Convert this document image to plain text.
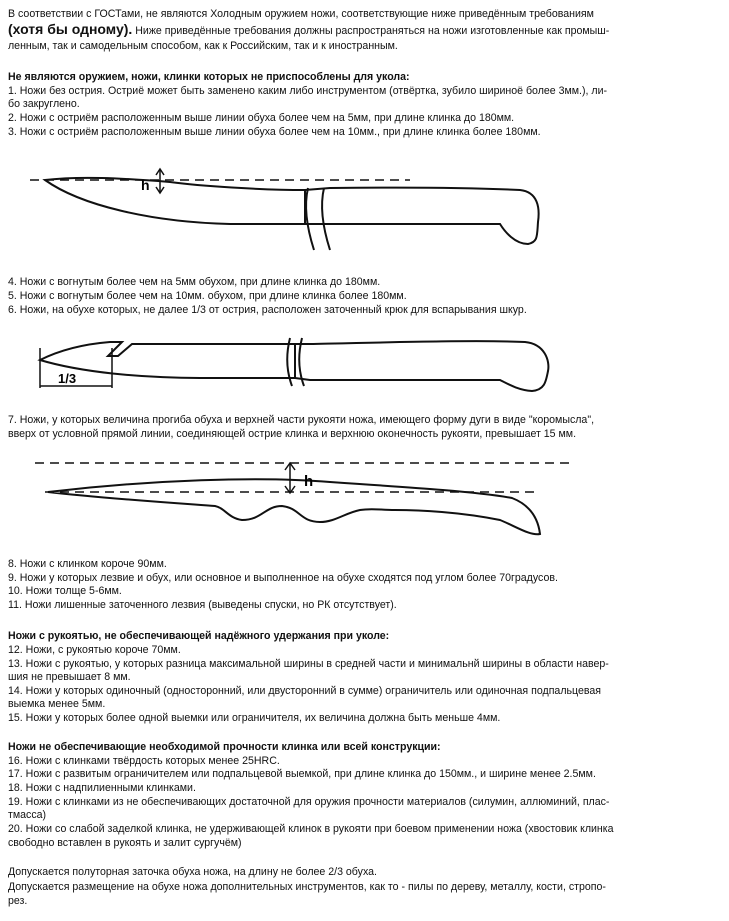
В соответствии с ГОСТами, не являются Холодным оружием ножи, соответствующие ниже приведённым требованиям
(хотя бы одному). Ниже приведённые требования должны распространяться на ножи изготовленные как промыш-
ленным, так и самодельным способом, как к Российским, так и к иностранным.
Не являются оружием, ножи, клинки которых не приспособлены для укола:
1. Ножи без острия. Остриё может быть заменено каким либо инструментом (отвёртка, зубило шириноё более 3мм.), ли-
бо закруглено.
2. Ножи с остриём расположенным выше линии обуха более чем на 5мм, при длине клинка до 180мм.
3. Ножи с остриём расположенным выше линии обуха более чем на 10мм., при длине клинка более 180мм.
h
4. Ножи с вогнутым более чем на 5мм обухом, при длине клинка до 180мм.
5. Ножи с вогнутым более чем на 10мм. обухом, при длине клинка более 180мм.
6. Ножи, на обухе которых, не далее 1/3 от острия, расположен заточенный крюк для вспарывания шкур.
1/3
7. Ножи, у которых величина прогиба обуха и верхней части рукояти ножа, имеющего форму дуги в виде "коромысла",
вверх от условной прямой линии, соединяющей острие клинка и верхнюю оконечность рукояти, превышает 15 мм.
h
8. Ножи с клинком короче 90мм.
9. Ножи у которых лезвие и обух, или основное и выполненное на обухе сходятся под углом более 70градусов.
10. Ножи толще 5-6мм.
11. Ножи лишенные заточенного лезвия (выведены спуски, но РК отсутствует).
Ножи с рукоятью, не обеспечивающей надёжного удержания при уколе:
12. Ножи, с рукоятью короче 70мм.
13. Ножи с рукоятью, у которых разница максимальной ширины в средней части и минимальнй ширины в области навер-
шия не превышает 8 мм.
14. Ножи у которых одиночный (односторонний, или двусторонний в сумме) ограничитель или одиночная подпальцевая
выемка менее 5мм.
15. Ножи у которых более одной выемки или ограничителя, их величина должна быть меньше 4мм.
Ножи не обеспечивающие необходимой прочности клинка или всей конструкции:
16. Ножи с клинками твёрдость которых менее 25HRC.
17. Ножи с развитым ограничителем или подпальцевой выемкой, при длине клинка до 150мм., и ширине менее 2.5мм.
18. Ножи с надпилиенными клинками.
19. Ножи с клинками из не обеспечивающих достаточной для оружия прочности материалов (силумин, аллюминий, плас-
тмасса)
20. Ножи со слабой заделкой клинка, не удерживающей клинок в рукояти при боевом применении ножа (хвостовик клинка
свободно вставлен в рукоять и залит сургучём)
Допускается полуторная заточка обуха ножа, на длину не более 2/3 обуха.
Допускается размещение на обухе ножа дополнительных инструментов, как то - пилы по дереву, металлу, кости, стропо-
рез.
